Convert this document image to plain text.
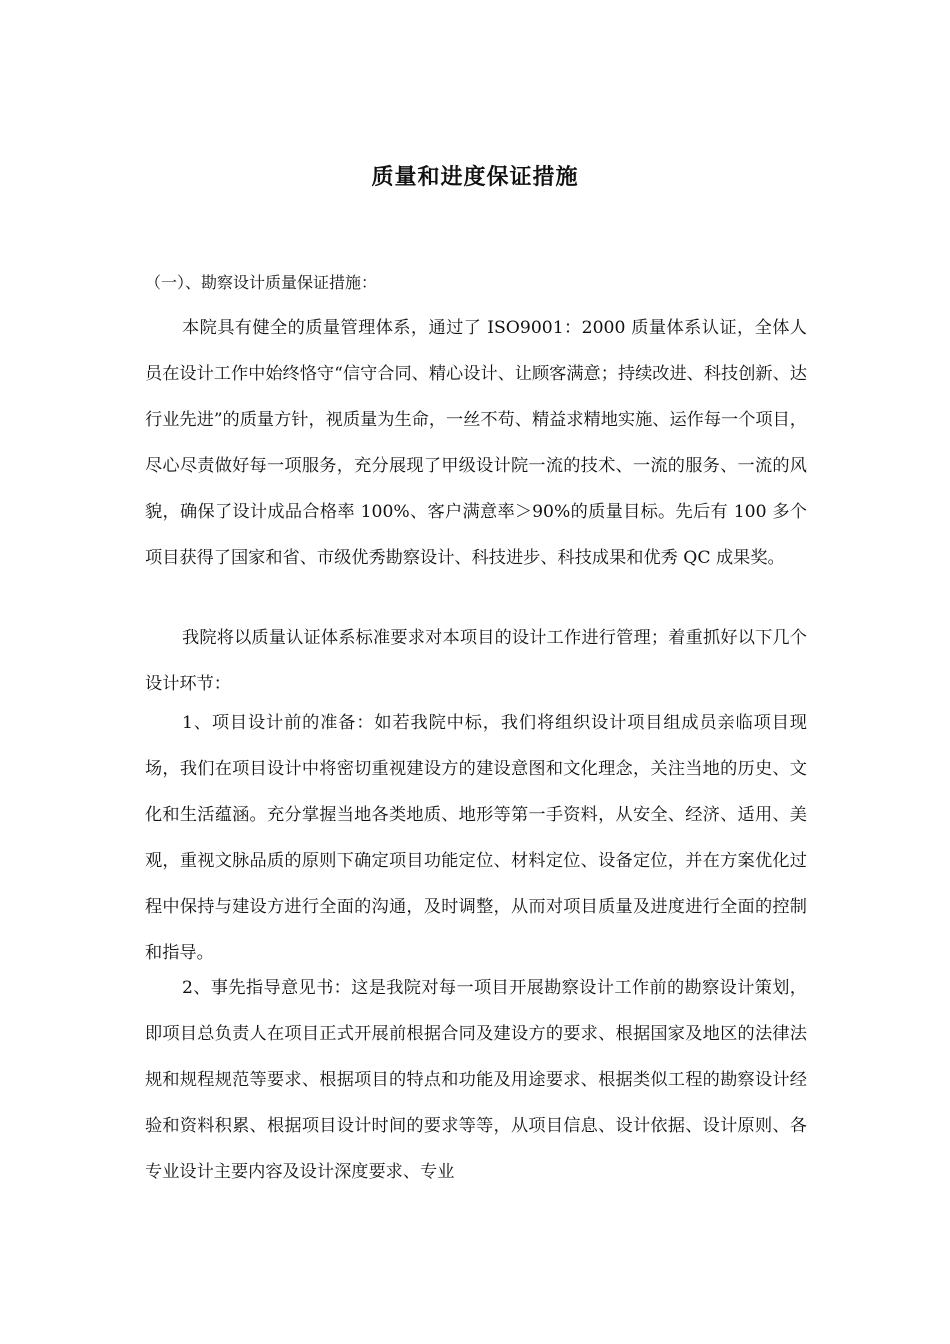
质量和进度保证措施
（一）、勘察设计质量保证措施：

本院具有健全的质量管理体系，通过了 ISO9001：2000 质量体系认证，全体人员在设计工作中始终恪守“信守合同、精心设计、让顾客满意；持续改进、科技创新、达行业先进”的质量方针，视质量为生命，一丝不苟、精益求精地实施、运作每一个项目，尽心尽责做好每一项服务，充分展现了甲级设计院一流的技术、一流的服务、一流的风貌，确保了设计成品合格率 100%、客户满意率＞90%的质量目标。先后有 100 多个项目获得了国家和省、市级优秀勘察设计、科技进步、科技成果和优秀 QC 成果奖。

我院将以质量认证体系标准要求对本项目的设计工作进行管理；着重抓好以下几个设计环节：

1、项目设计前的准备：如若我院中标，我们将组织设计项目组成员亲临项目现场，我们在项目设计中将密切重视建设方的建设意图和文化理念，关注当地的历史、文化和生活蕴涵。充分掌握当地各类地质、地形等第一手资料，从安全、经济、适用、美观，重视文脉品质的原则下确定项目功能定位、材料定位、设备定位，并在方案优化过程中保持与建设方进行全面的沟通，及时调整，从而对项目质量及进度进行全面的控制和指导。

2、事先指导意见书：这是我院对每一项目开展勘察设计工作前的勘察设计策划，即项目总负责人在项目正式开展前根据合同及建设方的要求、根据国家及地区的法律法规和规程规范等要求、根据项目的特点和功能及用途要求、根据类似工程的勘察设计经验和资料积累、根据项目设计时间的要求等等，从项目信息、设计依据、设计原则、各专业设计主要内容及设计深度要求、专业
